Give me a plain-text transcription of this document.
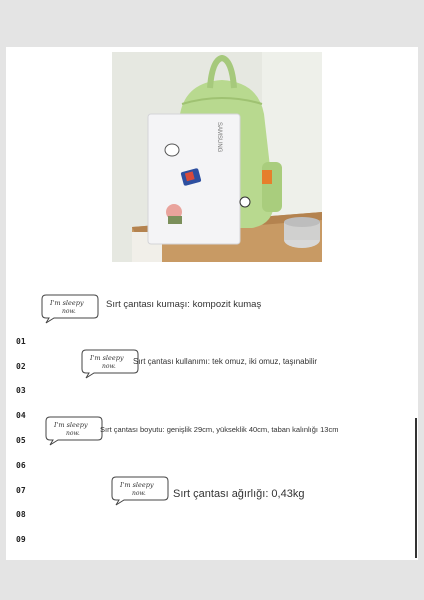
SAMSUNG
01
02
03
04
05
06
07
08
09
I'm sleepy
now.
Sırt çantası kumaşı: kompozit kumaş
I'm sleepy
now.
Sırt çantası kullanımı: tek omuz, iki omuz, taşınabilir
I'm sleepy
now.	Sırt çantası boyutu: genişlik 29cm, yükseklik 40cm, taban kalınlığı 13cm
I'm sleepy
now. Sırt çantası ağırlığı: 0,43kg
